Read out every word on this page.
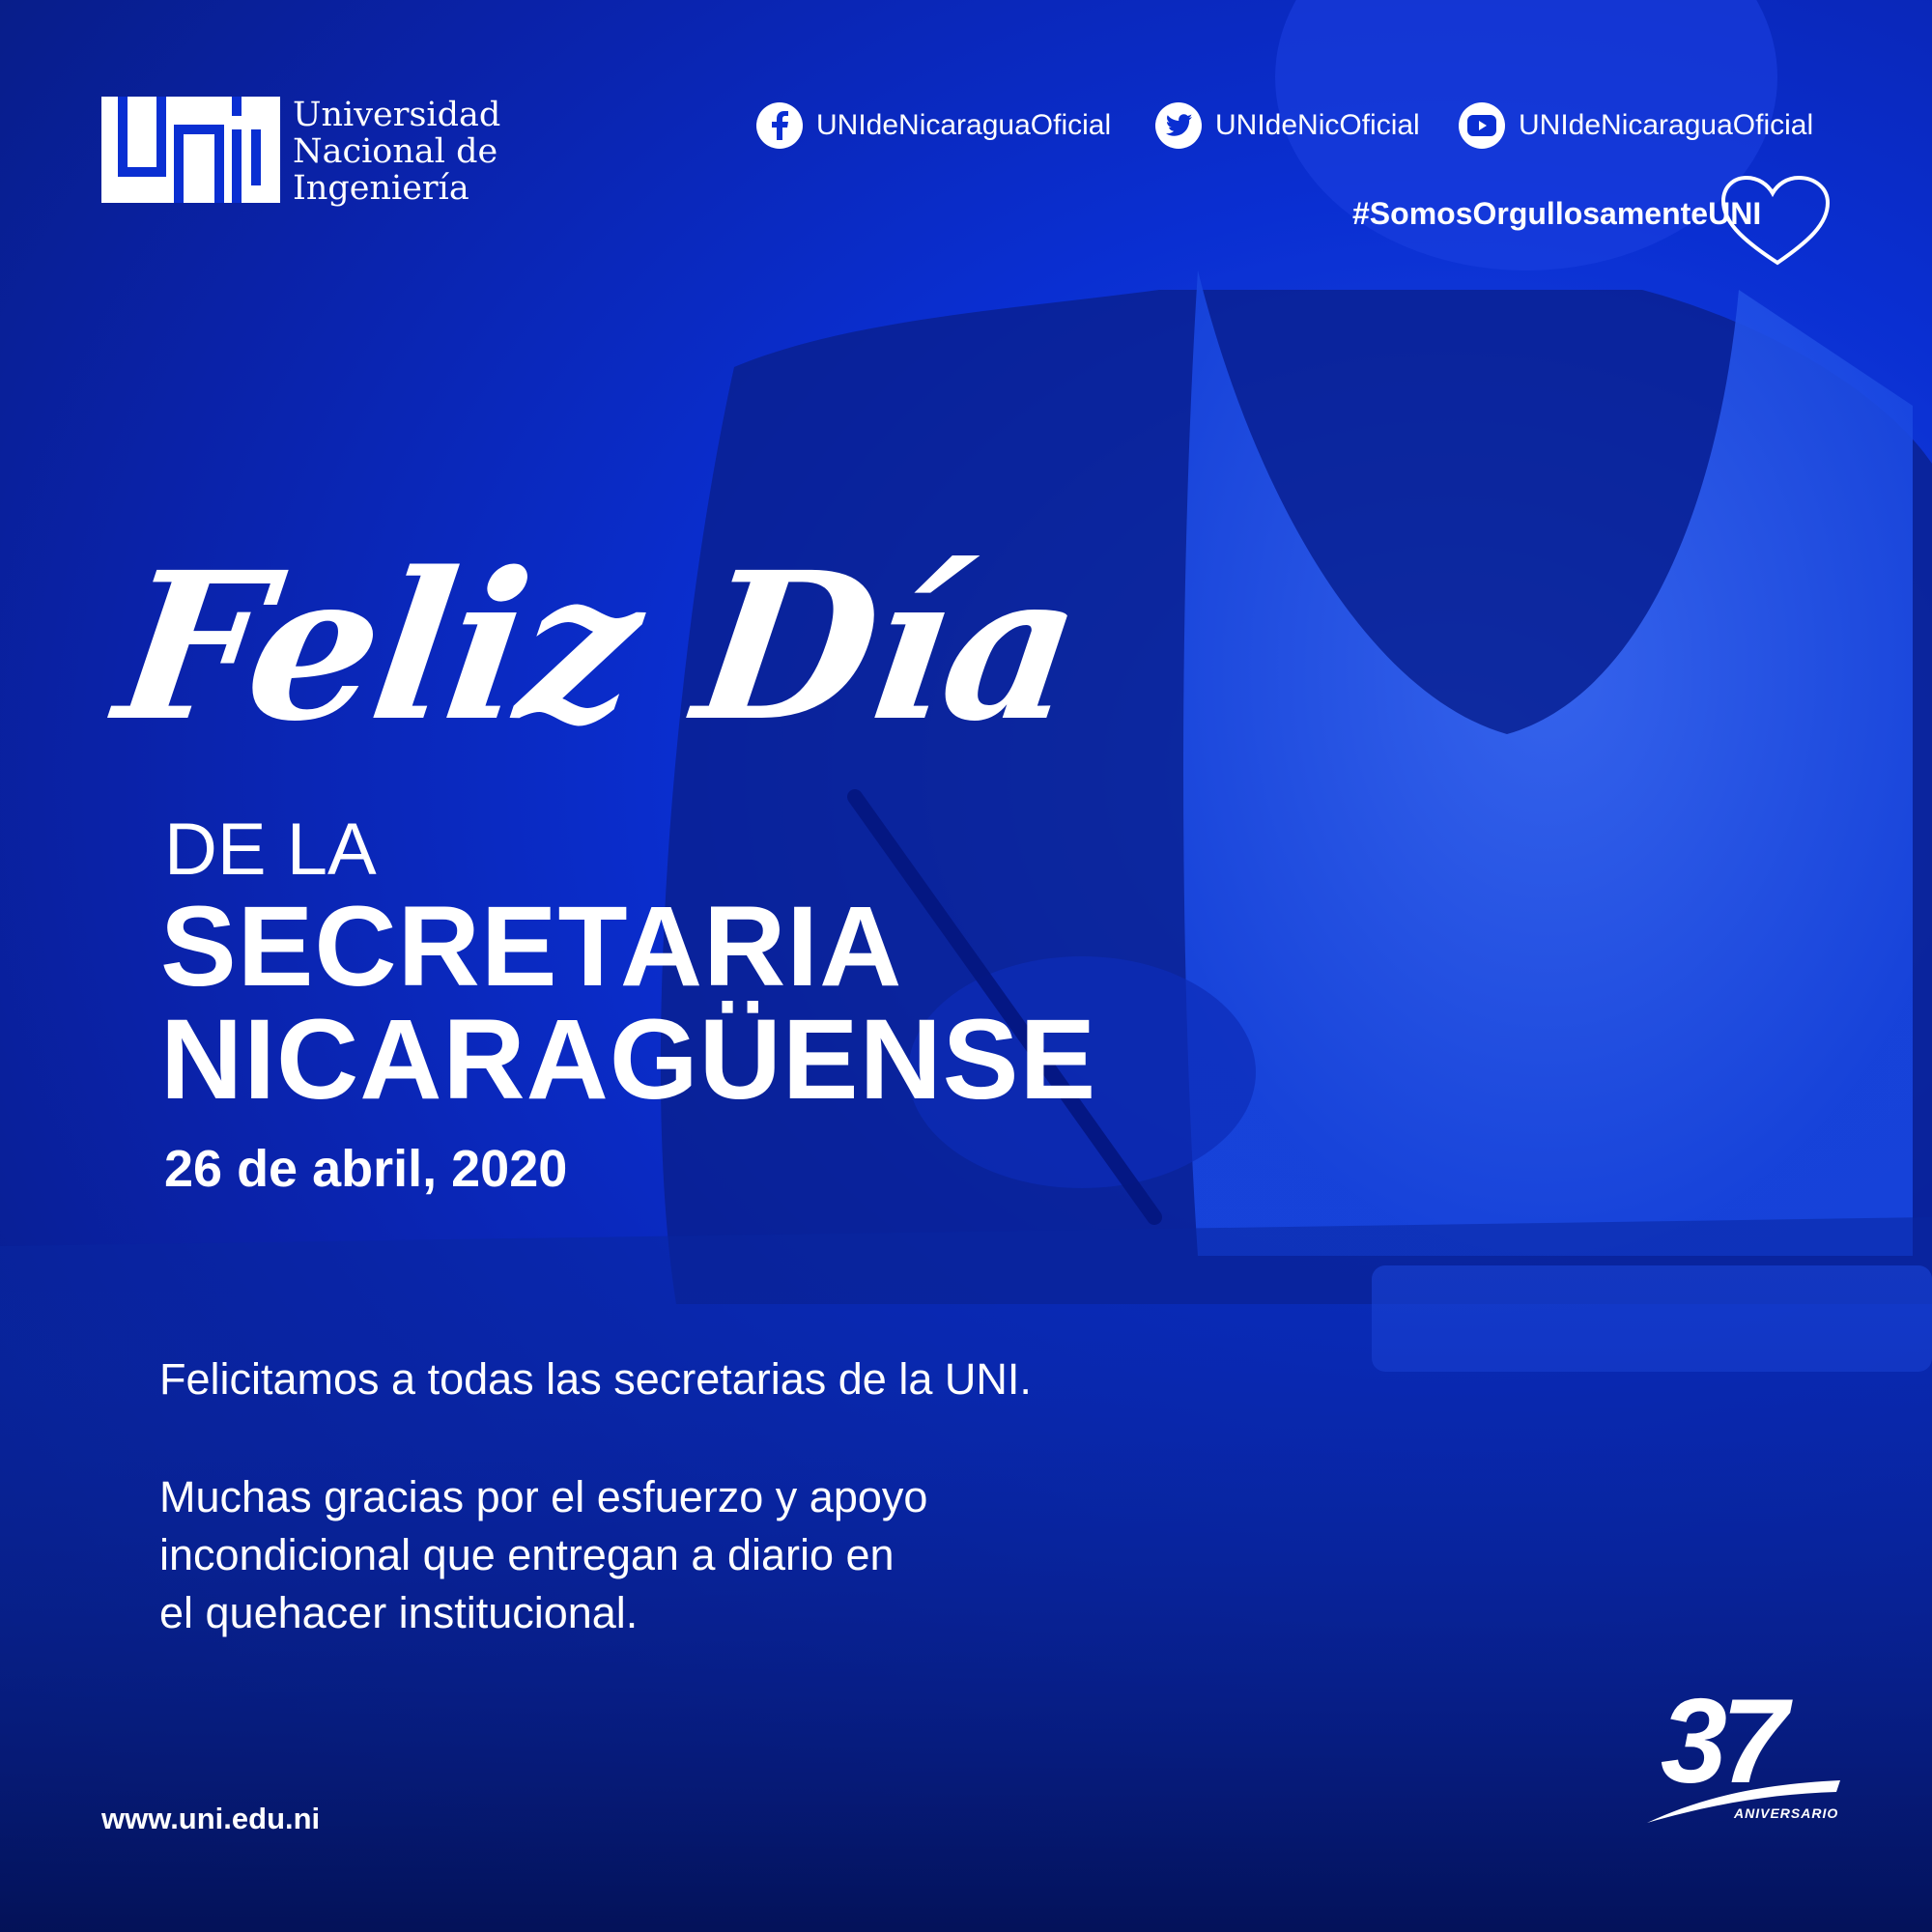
Universidad
Nacional de
Ingeniería
UNIdeNicaraguaOficial	UNIdeNicOficial	UNIdeNicaraguaOficial
#SomosOrgullosamenteUNI
Feliz Día
DE LA
SECRETARIA
NICARAGÜENSE
26 de abril, 2020
Felicitamos a todas las secretarias de la UNI.
Muchas gracias por el esfuerzo y apoyo
incondicional que entregan a diario en
el quehacer institucional.
www.uni.edu.ni
37
ANIVERSARIO
